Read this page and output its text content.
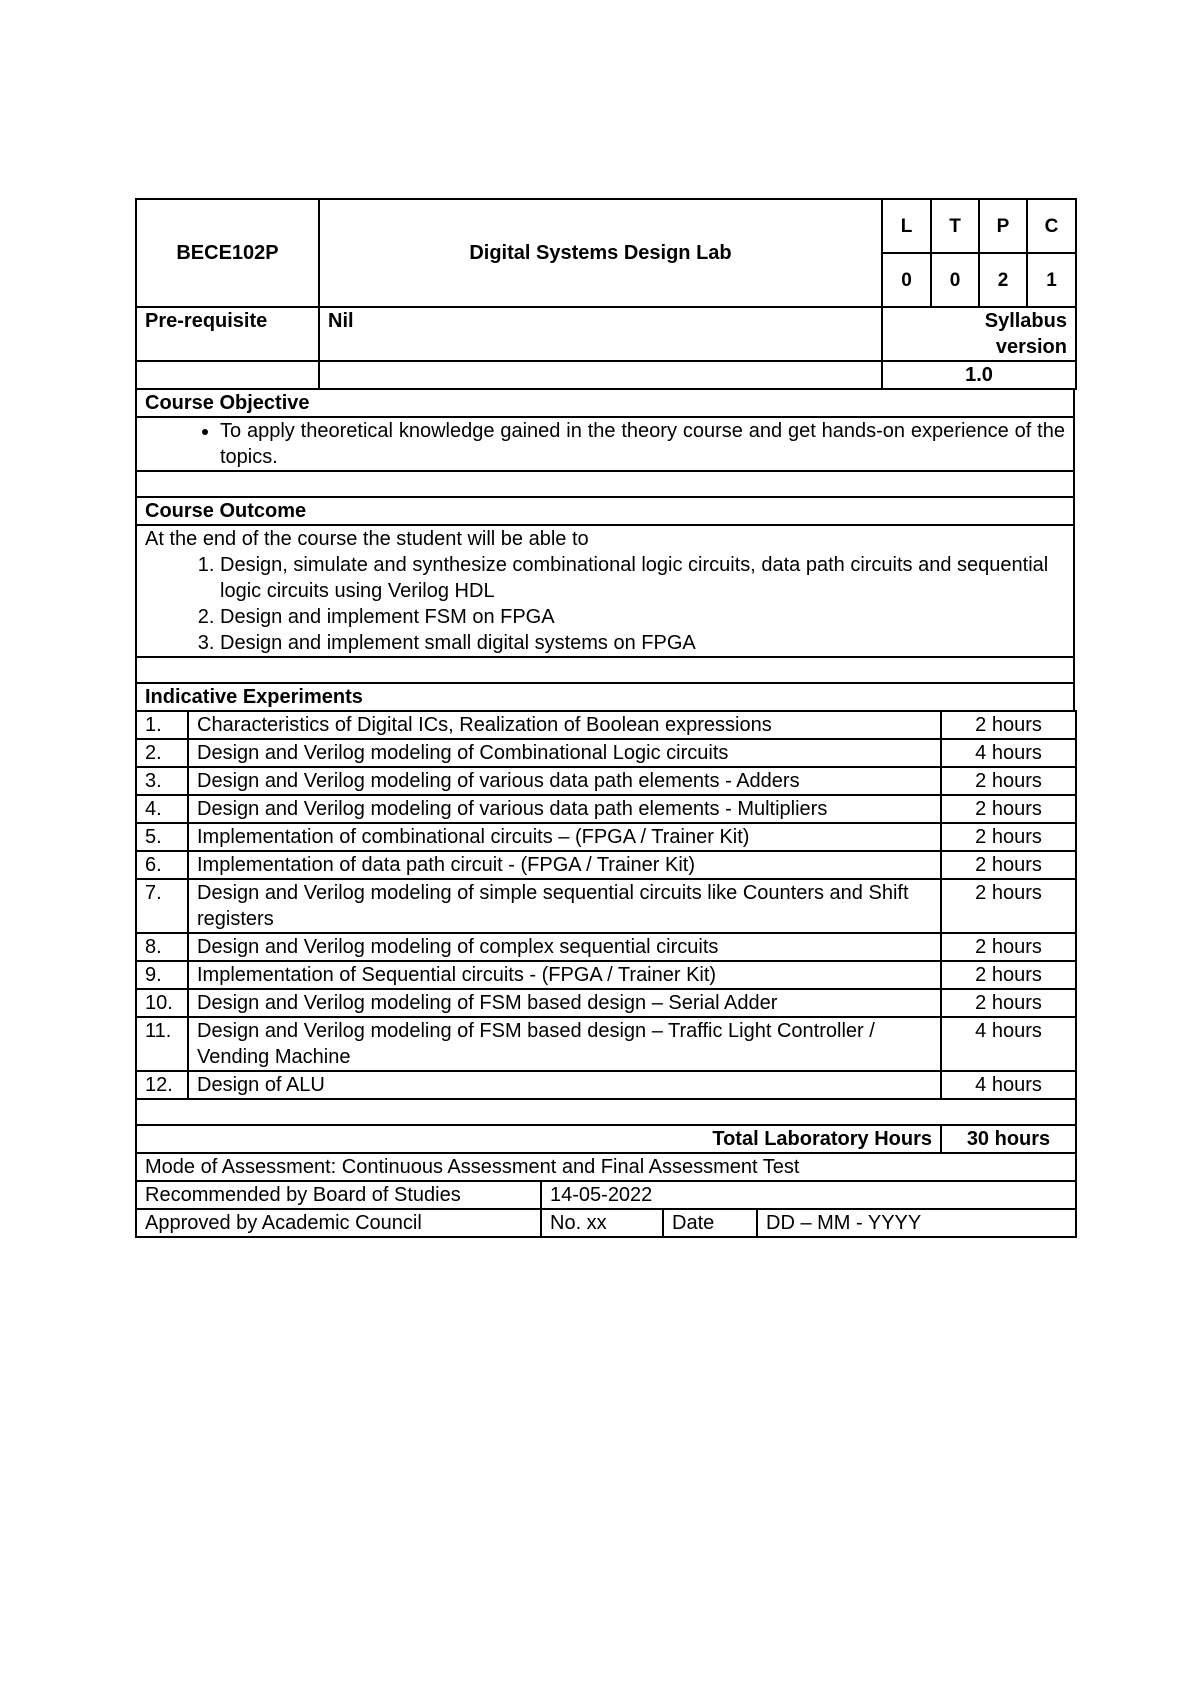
BECE102P	Digital Systems Design Lab	
L	T	P	C
0	0	2	1

Pre-requisite	Nil	Syllabus version
		1.0
Course Objective

• To apply theoretical knowledge gained in the theory course and get hands-on experience of the topics.

Course Outcome

At the end of the course the student will be able to
1. Design, simulate and synthesize combinational logic circuits, data path circuits and sequential logic circuits using Verilog HDL
2. Design and implement FSM on FPGA
3. Design and implement small digital systems on FPGA

Indicative Experiments
1.	Characteristics of Digital ICs, Realization of Boolean expressions	2 hours
2.	Design and Verilog modeling of Combinational Logic circuits	4 hours
3.	Design and Verilog modeling of various data path elements - Adders	2 hours
4.	Design and Verilog modeling of various data path elements - Multipliers	2 hours
5.	Implementation of combinational circuits – (FPGA / Trainer Kit)	2 hours
6.	Implementation of data path circuit - (FPGA / Trainer Kit)	2 hours
7.	Design and Verilog modeling of simple sequential circuits like Counters and Shift registers	2 hours
8.	Design and Verilog modeling of complex sequential circuits	2 hours
9.	Implementation of Sequential circuits - (FPGA / Trainer Kit)	2 hours
10.	Design and Verilog modeling of FSM based design – Serial Adder	2 hours
11.	Design and Verilog modeling of FSM based design – Traffic Light Controller / Vending Machine	4 hours
12.	Design of ALU	4 hours

Total Laboratory Hours	30 hours
Mode of Assessment: Continuous Assessment and Final Assessment Test			
Recommended by Board of Studies	14-05-2022		
Approved by Academic Council	No. xx	Date	DD – MM - YYYY
